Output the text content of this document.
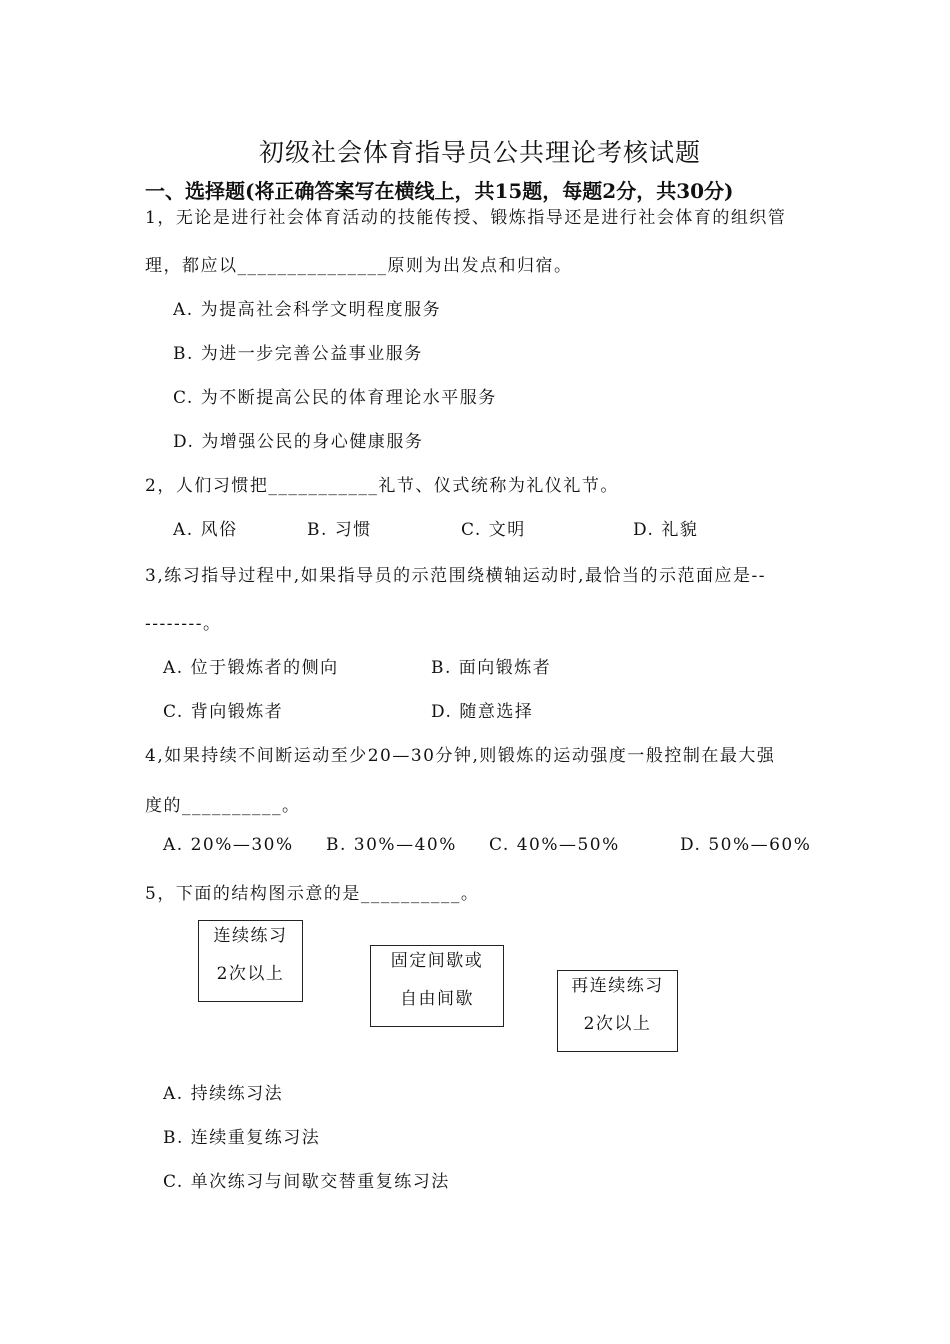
初级社会体育指导员公共理论考核试题
一、选择题(将正确答案写在横线上，共15题，每题2分，共30分)
1，无论是进行社会体育活动的技能传授、锻炼指导还是进行社会体育的组织管
理，都应以_______________原则为出发点和归宿。
A. 为提高社会科学文明程度服务
B. 为进一步完善公益事业服务
C. 为不断提高公民的体育理论水平服务
D. 为增强公民的身心健康服务
2，人们习惯把___________礼节、仪式统称为礼仪礼节。
A. 风俗	B. 习惯	C. 文明	D. 礼貌
3,练习指导过程中,如果指导员的示范围绕横轴运动时,最恰当的示范面应是--
--------。
A. 位于锻炼者的侧向	B. 面向锻炼者
C. 背向锻炼者	D. 随意选择
4,如果持续不间断运动至少20—30分钟,则锻炼的运动强度一般控制在最大强
度的__________。
A. 20%—30% B. 30%—40% C. 40%—50%	D. 50%—60%
5，下面的结构图示意的是__________。
连续练习
2次以上
固定间歇或
自由间歇
再连续练习
2次以上
A. 持续练习法
B. 连续重复练习法
C. 单次练习与间歇交替重复练习法
